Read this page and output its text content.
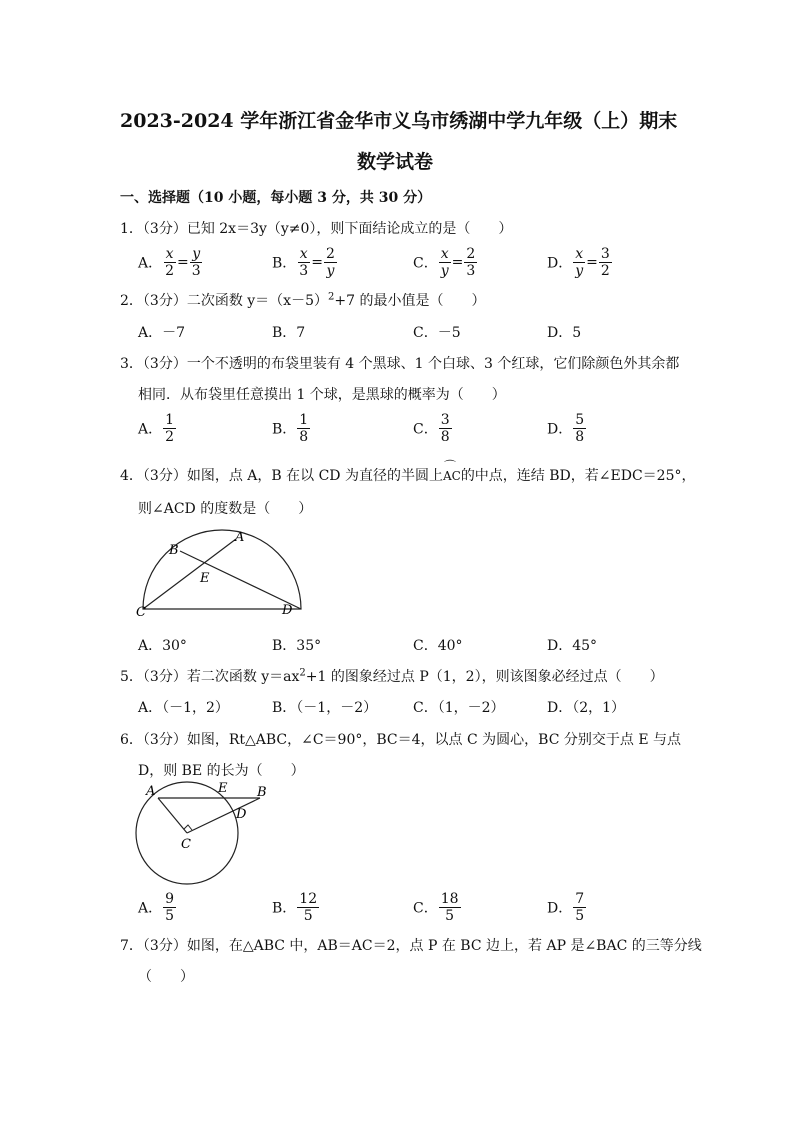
2023-2024 学年浙江省金华市义乌市绣湖中学九年级（上）期末
数学试卷
一、选择题（10 小题，每小题 3 分，共 30 分）
1．（3分）已知 2x＝3y（y≠0），则下面结论成立的是（　　）
A． $\frac{x}{2} = \frac{y}{3}$	B． $\frac{x}{3} = \frac{2}{y}$	C． $\frac{x}{y} = \frac{2}{3}$	D． $\frac{x}{y} = \frac{3}{2}$
2．（3分）二次函数 $y=(x-5)^2+7$ 的最小值是（　　）
A．－7	B．7	C．－5	D．5
3．（3分）一个不透明的布袋里装有 4 个黑球、1 个白球、3 个红球，它们除颜色外其余都
相同．从布袋里任意摸出 1 个球，是黑球的概率为（　　）
A． $\frac{1}{2}$	B． $\frac{1}{8}$	C． $\frac{3}{8}$	D． $\frac{5}{8}$
4．（3分）如图，点 A，B 在以 CD 为直径的半圆上
⌒
AC的中点，连结 BD，若∠EDC＝25°，
则∠ACD 的度数是（　　）
B
A
E
C	D
A．30°	B．35°	C．40°	D．45°
5．（3分）若二次函数 $y=ax^2+1$ 的图象经过点 P（1，2），则该图象必经过点（　　）
A．（－1，2）	B．（－1，－2）	C．（1，－2）	D．（2，1）
6．（3分）如图，Rt△ABC，∠C＝90°，BC＝4，以点 C 为圆心，BC 分别交于点 E 与点
D，则 BE 的长为（　　）
A	E B
D
C
A． $\frac{9}{5}$	B． $\frac{12}{5}$	C． $\frac{18}{5}$	D． $\frac{7}{5}$
7．（3分）如图，在△ABC 中，AB＝AC＝2，点 P 在 BC 边上，若 AP 是∠BAC 的三等分线
（　　）
